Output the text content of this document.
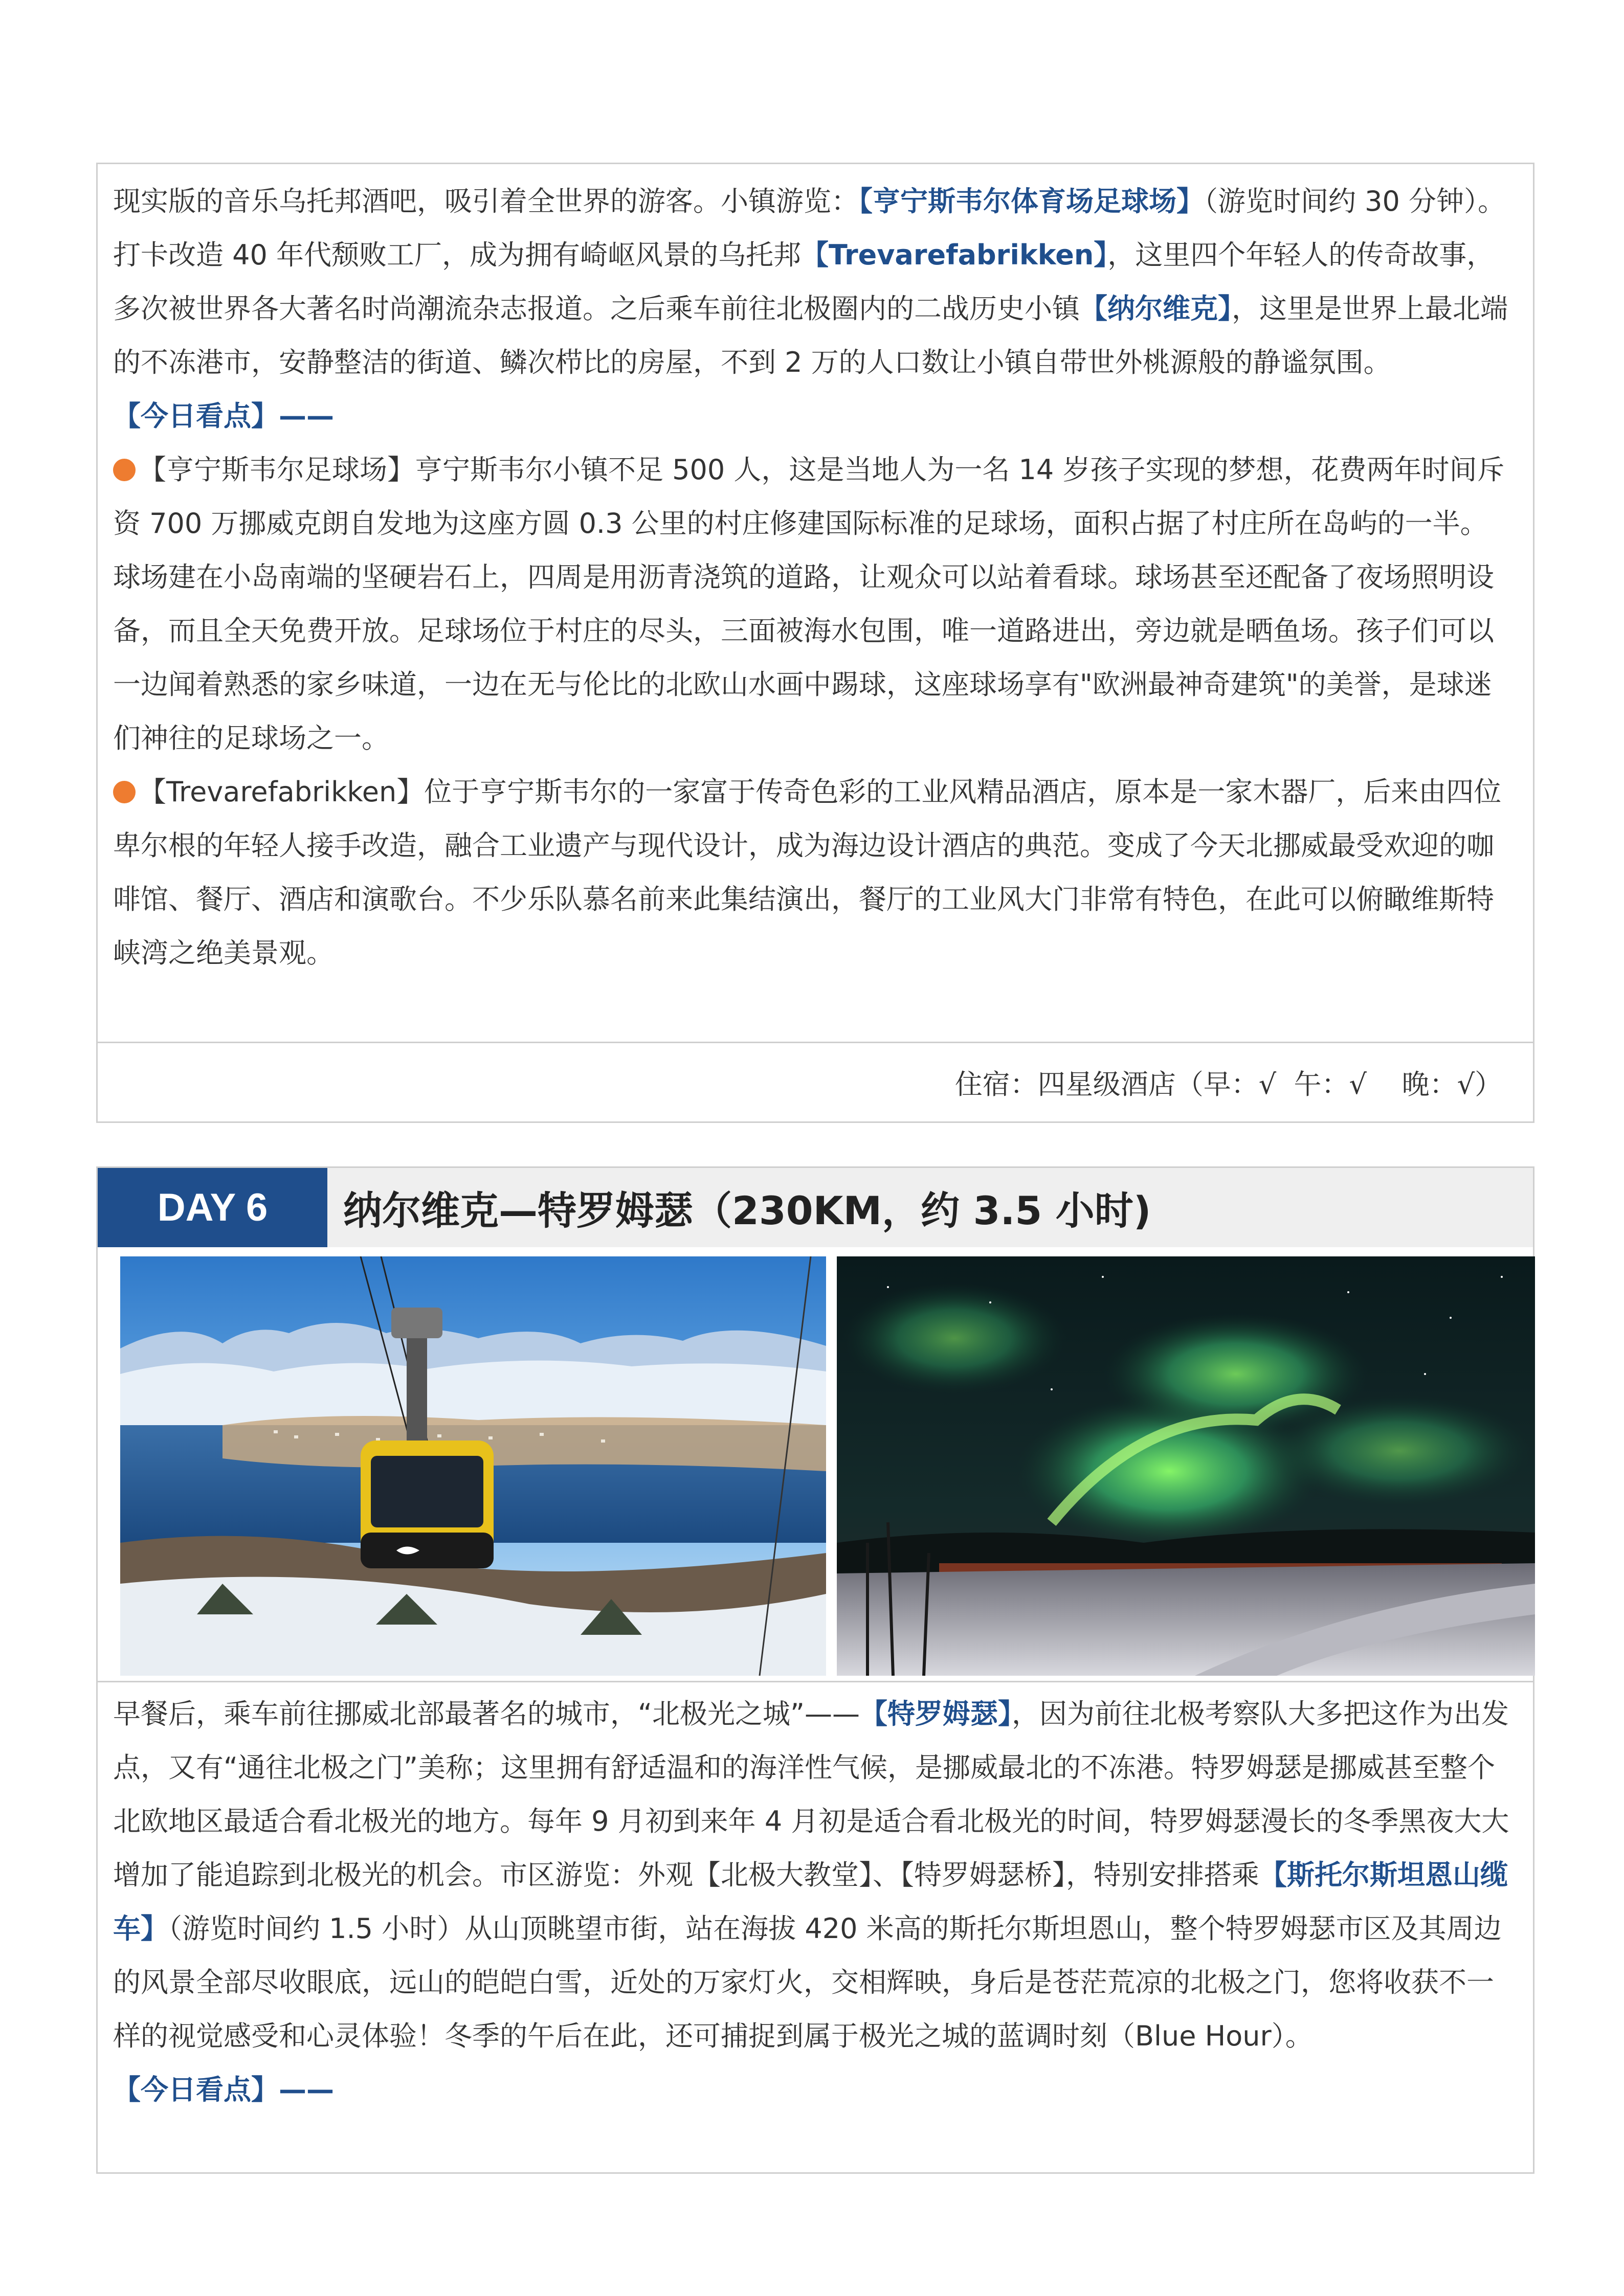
现实版的音乐乌托邦酒吧，吸引着全世界的游客。小镇游览：【亨宁斯韦尔体育场足球场】（游览时间约 30 分钟）。打卡改造 40 年代颓败工厂，成为拥有崎岖风景的乌托邦【Trevarefabrikken】，这里四个年轻人的传奇故事，多次被世界各大著名时尚潮流杂志报道。之后乘车前往北极圈内的二战历史小镇【纳尔维克】，这里是世界上最北端的不冻港市，安静整洁的街道、鳞次栉比的房屋，不到 2 万的人口数让小镇自带世外桃源般的静谧氛围。

【今日看点】——

【亨宁斯韦尔足球场】亨宁斯韦尔小镇不足 500 人，这是当地人为一名 14 岁孩子实现的梦想，花费两年时间斥资 700 万挪威克朗自发地为这座方圆 0.3 公里的村庄修建国际标准的足球场，面积占据了村庄所在岛屿的一半。球场建在小岛南端的坚硬岩石上，四周是用沥青浇筑的道路，让观众可以站着看球。球场甚至还配备了夜场照明设备，而且全天免费开放。足球场位于村庄的尽头，三面被海水包围，唯一道路进出，旁边就是晒鱼场。孩子们可以一边闻着熟悉的家乡味道，一边在无与伦比的北欧山水画中踢球，这座球场享有"欧洲最神奇建筑"的美誉，是球迷们神往的足球场之一。

【Trevarefabrikken】位于亨宁斯韦尔的一家富于传奇色彩的工业风精品酒店，原本是一家木器厂，后来由四位卑尔根的年轻人接手改造，融合工业遗产与现代设计，成为海边设计酒店的典范。变成了今天北挪威最受欢迎的咖啡馆、餐厅、酒店和演歌台。不少乐队慕名前来此集结演出，餐厅的工业风大门非常有特色，在此可以俯瞰维斯特峡湾之绝美景观。

住宿：四星级酒店 （早：√
午：√
晚：√）
DAY 6	纳尔维克—特罗姆瑟（230KM，约 3.5 小时)

早餐后，乘车前往挪威北部最著名的城市，“北极光之城”——【特罗姆瑟】，因为前往北极考察队大多把这作为出发点，又有“通往北极之门”美称；这里拥有舒适温和的海洋性气候，是挪威最北的不冻港。特罗姆瑟是挪威甚至整个北欧地区最适合看北极光的地方。每年 9 月初到来年 4 月初是适合看北极光的时间，特罗姆瑟漫长的冬季黑夜大大增加了能追踪到北极光的机会。市区游览：外观【北极大教堂】、【特罗姆瑟桥】，特别安排搭乘【斯托尔斯坦恩山缆车】（游览时间约 1.5 小时）从山顶眺望市街，站在海拔 420 米高的斯托尔斯坦恩山，整个特罗姆瑟市区及其周边的风景全部尽收眼底，远山的皑皑白雪，近处的万家灯火，交相辉映，身后是苍茫荒凉的北极之门，您将收获不一样的视觉感受和心灵体验！冬季的午后在此，还可捕捉到属于极光之城的蓝调时刻（Blue Hour）。

【今日看点】——
